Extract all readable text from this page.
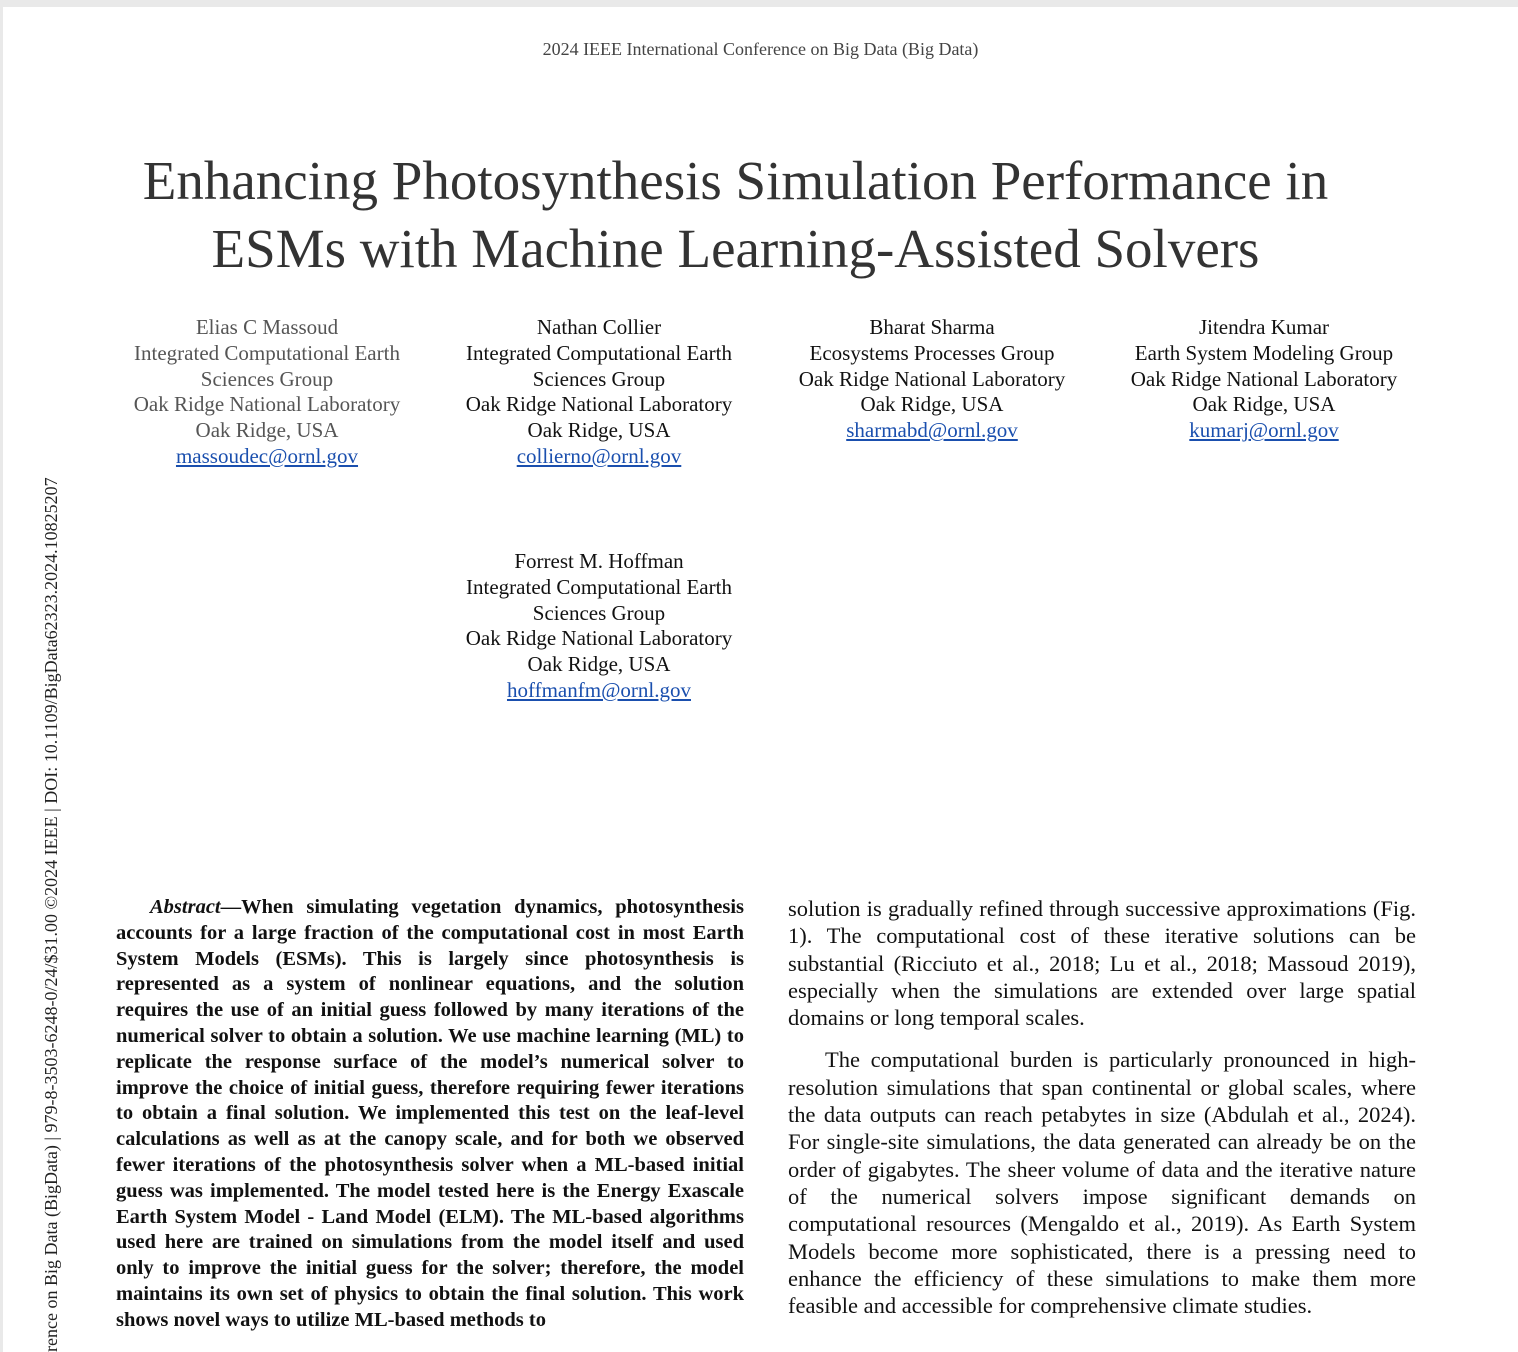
2024 IEEE International Conference on Big Data (Big Data)
rence on Big Data (BigData) | 979-8-3503-6248-0/24/$31.00 ©2024 IEEE | DOI: 10.1109/BigData62323.2024.10825207
Enhancing Photosynthesis Simulation Performance in
ESMs with Machine Learning-Assisted Solvers
Elias C Massoud
Integrated Computational Earth
Sciences Group
Oak Ridge National Laboratory
Oak Ridge, USA
massoudec@ornl.gov
Nathan Collier
Integrated Computational Earth
Sciences Group
Oak Ridge National Laboratory
Oak Ridge, USA
collierno@ornl.gov
Bharat Sharma
Ecosystems Processes Group
Oak Ridge National Laboratory
Oak Ridge, USA
sharmabd@ornl.gov
Jitendra Kumar
Earth System Modeling Group
Oak Ridge National Laboratory
Oak Ridge, USA
kumarj@ornl.gov
Forrest M. Hoffman
Integrated Computational Earth
Sciences Group
Oak Ridge National Laboratory
Oak Ridge, USA
hoffmanfm@ornl.gov

Abstract—When simulating vegetation dynamics, photosynthesis accounts for a large fraction of the computational cost in most Earth System Models (ESMs). This is largely since photosynthesis is represented as a system of nonlinear equations, and the solution requires the use of an initial guess followed by many iterations of the numerical solver to obtain a solution. We use machine learning (ML) to replicate the response surface of the model’s numerical solver to improve the choice of initial guess, therefore requiring fewer iterations to obtain a final solution. We implemented this test on the leaf-level calculations as well as at the canopy scale, and for both we observed fewer iterations of the photosynthesis solver when a ML-based initial guess was implemented. The model tested here is the Energy Exascale Earth System Model - Land Model (ELM). The ML-based algorithms used here are trained on simulations from the model itself and used only to improve the initial guess for the solver; therefore, the model maintains its own set of physics to obtain the final solution. This work shows novel ways to utilize ML-based methods to

solution is gradually refined through successive approximations (Fig. 1). The computational cost of these iterative solutions can be substantial (Ricciuto et al., 2018; Lu et al., 2018; Massoud 2019), especially when the simulations are extended over large spatial domains or long temporal scales.

The computational burden is particularly pronounced in high-resolution simulations that span continental or global scales, where the data outputs can reach petabytes in size (Abdulah et al., 2024). For single-site simulations, the data generated can already be on the order of gigabytes. The sheer volume of data and the iterative nature of the numerical solvers impose significant demands on computational resources (Mengaldo et al., 2019). As Earth System Models become more sophisticated, there is a pressing need to enhance the efficiency of these simulations to make them more feasible and accessible for comprehensive climate studies.
